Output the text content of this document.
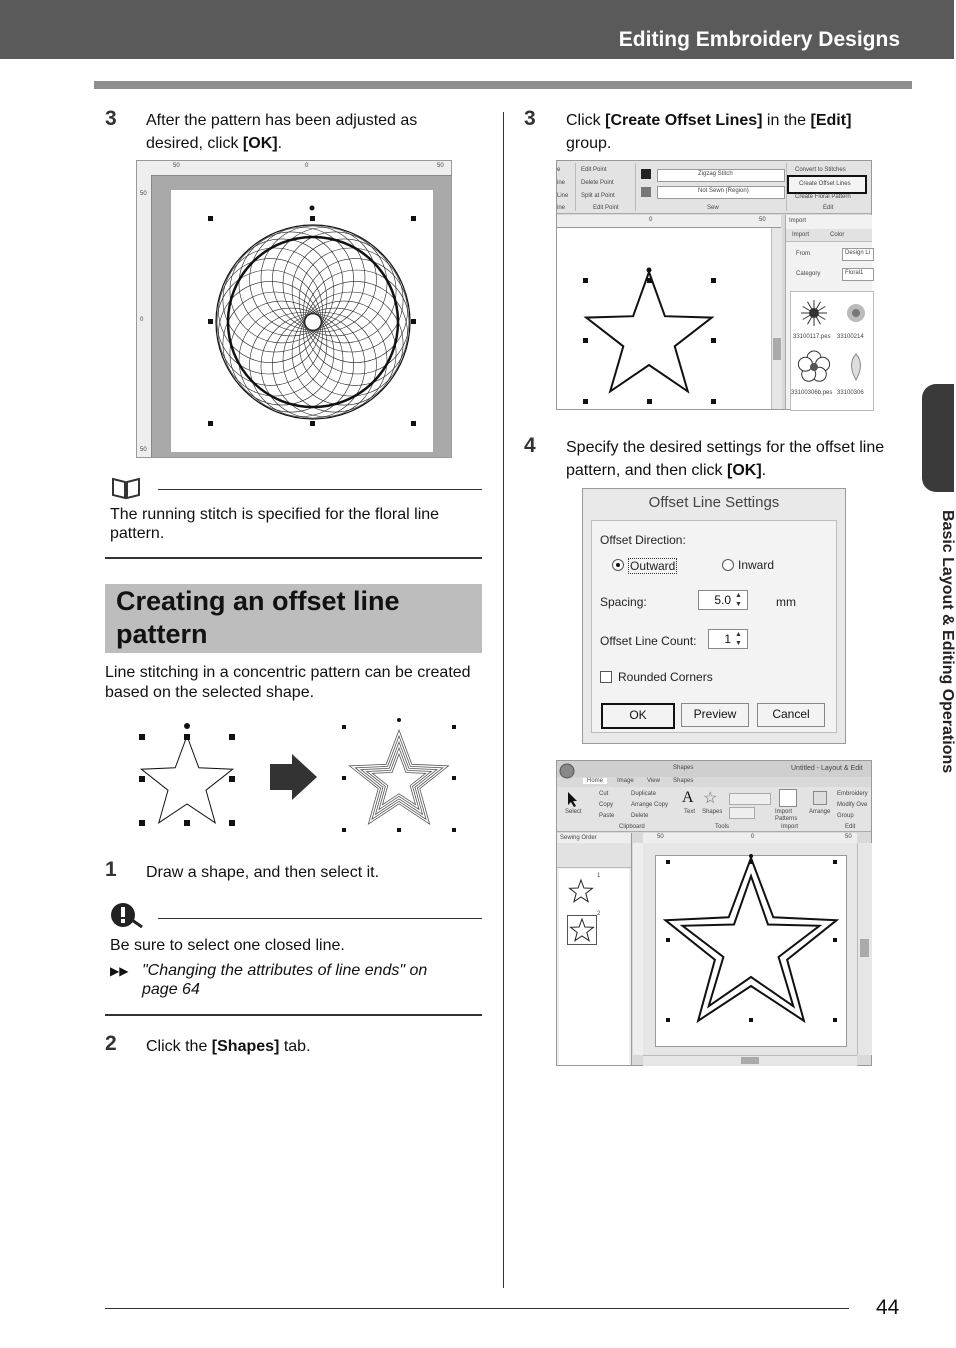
Editing Embroidery Designs
3 After the pattern has been adjusted as
desired, click [OK].
50	0	50
50
0
50
The running stitch is specified for the floral line
pattern.
Creating an offset line
pattern
Line stitching in a concentric pattern can be created
based on the selected shape.
1 Draw a shape, and then select it.
Be sure to select one closed line.
▶▶ "Changing the attributes of line ends" on
page 64
2 Click the [Shapes] tab.
3 Click [Create Offset Lines] in the [Edit]
group.
e
ine
Line
ine
Edit Point
Delete Point
Split at Point
Edit Point
Zigzag Stitch
Not Sewn (Region)
Sew
Convert to Stitches
Create Offset Lines
Create Floral Pattern
Edit
0	50	Import
Import	Color
From	Design Li
Category	Floral1
33100117.pes 33100214
33100306b.pes 33100306
4 Specify the desired settings for the offset line
pattern, and then click [OK].
Offset Line Settings
Offset Direction:
Outward	Inward
Spacing:	5.0 ▲
▼	mm
Offset Line Count:	1 ▲
▼
Rounded Corners
OK	Preview	Cancel
Shapes	Untitled - Layout & Edit
Home	Image View Shapes
Select
Cut
Copy
Paste
Duplicate
Arrange Copy
Delete
Clipboard
A
Text
☆
Shapes
Tools
Import Patterns
Import
Arrange
Embroidery
Modify Ove
Group
Edit
Sewing Order
1
2
50	0	50
Basic Layout & Editing Operations
44
